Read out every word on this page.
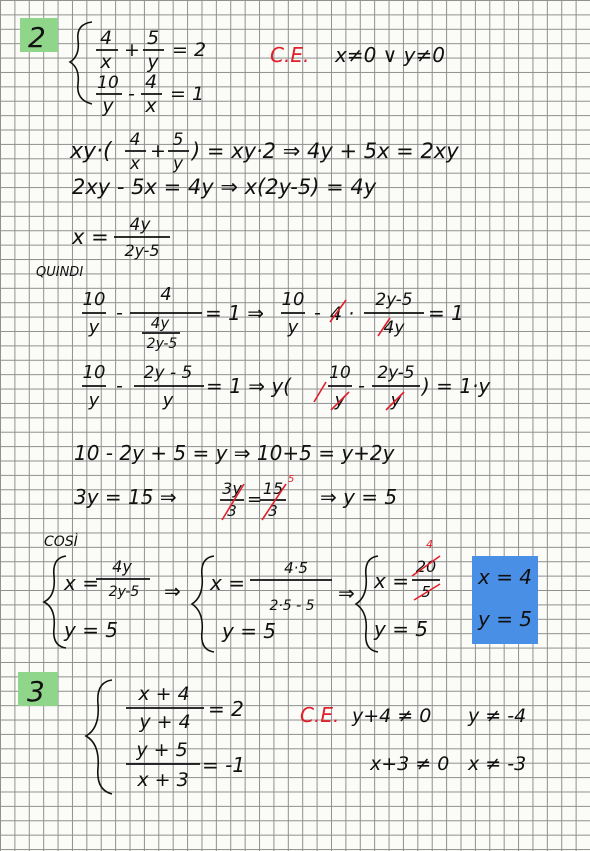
2	4
x
+
5
y
= 2
10
y
-
4
x
= 1
C.E. x≠0 ∨ y≠0
xy·( 4
x
+ 5
y
) = xy·2 ⇒ 4y + 5x = 2xy
2xy - 5x = 4y ⇒ x(2y-5) = 4y
x = 4y
2y-5
QUINDI
10
y
-
4
4y
2y-5
= 1 ⇒
10
y
- 4 ·
2y-5
4y
= 1
10
y
-
2y - 5
y
= 1 ⇒ y(
10
y
-
2y-5
y
) = 1·y
10 - 2y + 5 = y ⇒ 10+5 = y+2y
3y = 15 ⇒	3y
3
=
15 5
3
⇒ y = 5
COSÌ
x =
4y
2y-5
y = 5
⇒ x =
4·5
2·5 - 5
y = 5
⇒ x =
4
20
5
y = 5
x = 4
y = 5
3	x + 4
y + 4
= 2
y + 5
x + 3
= -1
C.E. y+4 ≠ 0 y ≠ -4
x+3 ≠ 0 x ≠ -3
